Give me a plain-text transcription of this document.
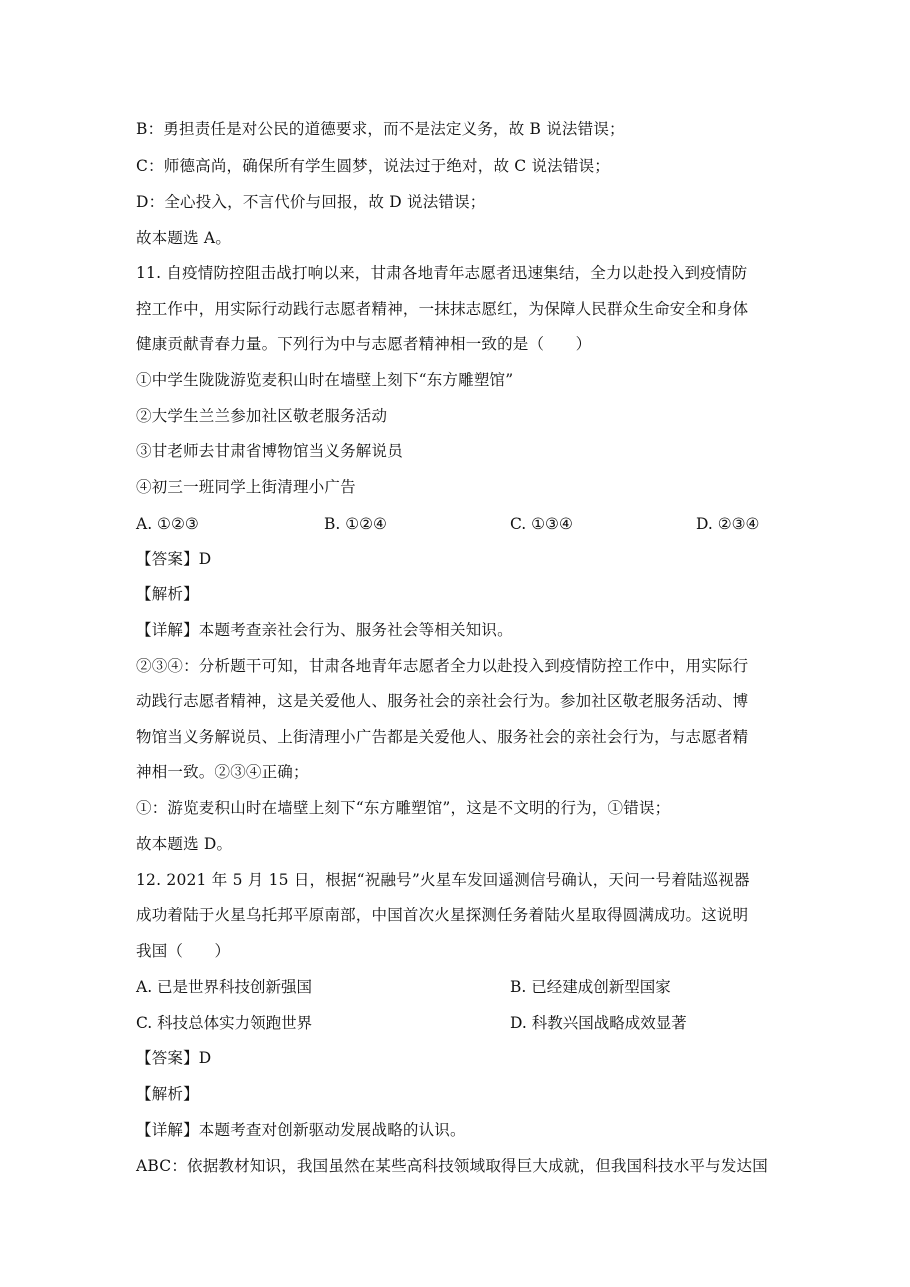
B：勇担责任是对公民的道德要求，而不是法定义务，故 B 说法错误；
C：师德高尚，确保所有学生圆梦，说法过于绝对，故 C 说法错误；
D：全心投入，不言代价与回报，故 D 说法错误；
故本题选 A。
11. 自疫情防控阻击战打响以来，甘肃各地青年志愿者迅速集结，全力以赴投入到疫情防
控工作中，用实际行动践行志愿者精神，一抹抹志愿红，为保障人民群众生命安全和身体
健康贡献青春力量。下列行为中与志愿者精神相一致的是（　　）
①中学生陇陇游览麦积山时在墙壁上刻下“东方雕塑馆”
②大学生兰兰参加社区敬老服务活动
③甘老师去甘肃省博物馆当义务解说员
④初三一班同学上街清理小广告
A. ①②③	B. ①②④	C. ①③④	D. ②③④
【答案】D
【解析】
【详解】本题考查亲社会行为、服务社会等相关知识。
②③④：分析题干可知，甘肃各地青年志愿者全力以赴投入到疫情防控工作中，用实际行
动践行志愿者精神，这是关爱他人、服务社会的亲社会行为。参加社区敬老服务活动、博
物馆当义务解说员、上街清理小广告都是关爱他人、服务社会的亲社会行为，与志愿者精
神相一致。②③④正确；
①：游览麦积山时在墙壁上刻下“东方雕塑馆”，这是不文明的行为，①错误；
故本题选 D。
12. 2021 年 5 月 15 日，根据“祝融号”火星车发回遥测信号确认，天问一号着陆巡视器
成功着陆于火星乌托邦平原南部，中国首次火星探测任务着陆火星取得圆满成功。这说明
我国（　　）
A. 已是世界科技创新强国	B. 已经建成创新型国家
C. 科技总体实力领跑世界	D. 科教兴国战略成效显著
【答案】D
【解析】
【详解】本题考查对创新驱动发展战略的认识。
ABC：依据教材知识，我国虽然在某些高科技领域取得巨大成就，但我国科技水平与发达国
